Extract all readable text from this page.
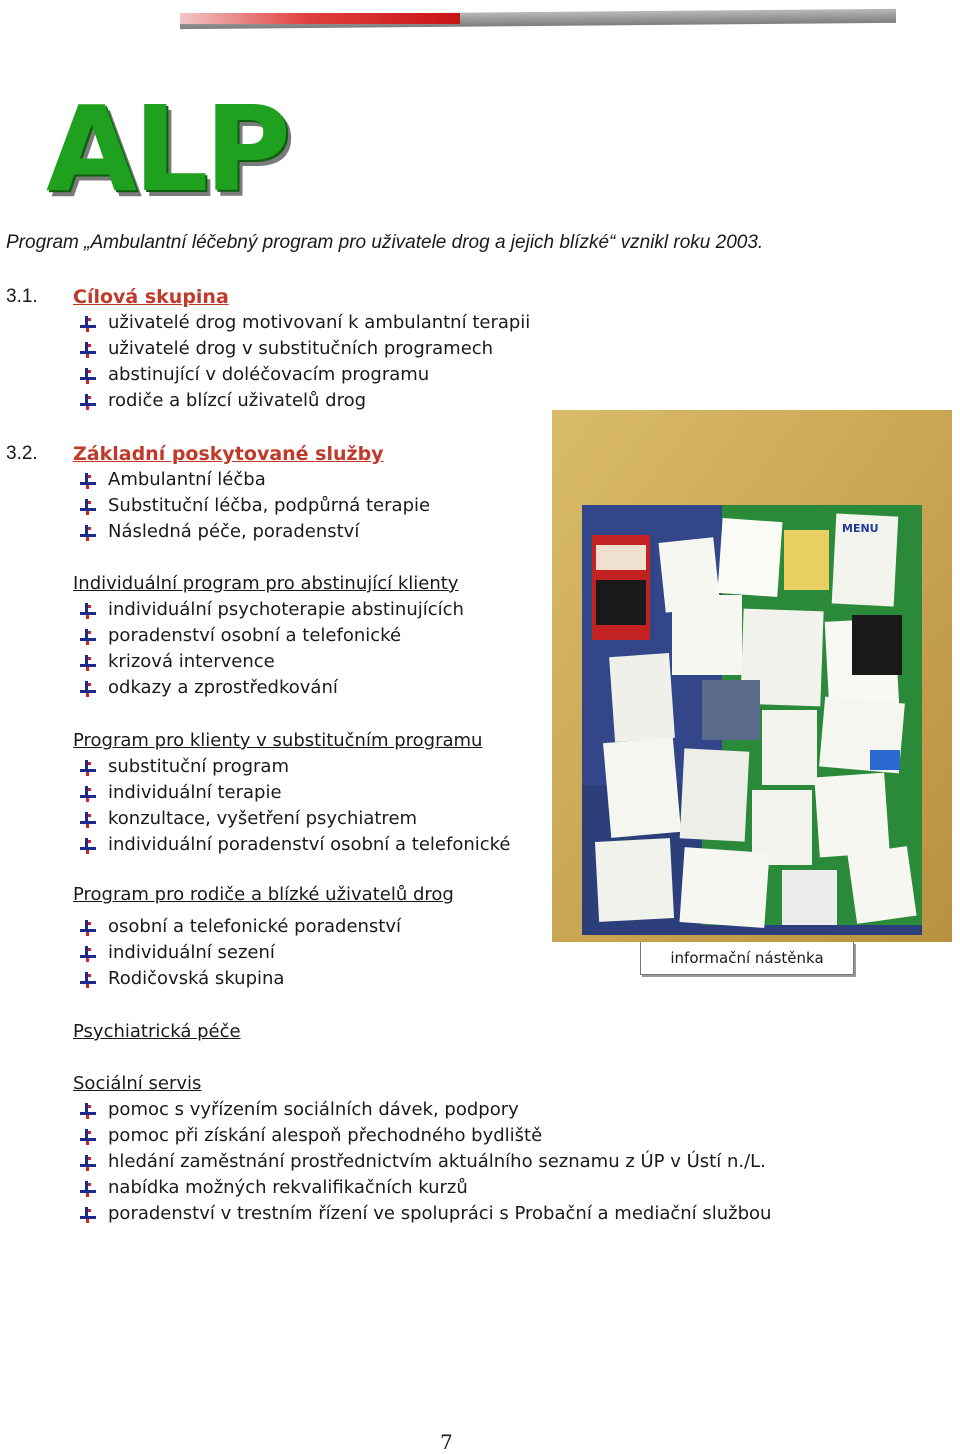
ALP
Program „Ambulantní léčebný program pro uživatele drog a jejich blízké“ vznikl roku 2003.
3.1. Cílová skupina
uživatelé drog motivovaní k ambulantní terapii
uživatelé drog v substitučních programech
abstinující v doléčovacím programu
rodiče a blízcí uživatelů drog
3.2. Základní poskytované služby
Ambulantní léčba
Substituční léčba, podpůrná terapie
Následná péče, poradenství
Individuální program pro abstinující klienty
individuální psychoterapie abstinujících
poradenství osobní a telefonické
krizová intervence
odkazy a zprostředkování
Program pro klienty v substitučním programu
substituční program
individuální terapie
konzultace, vyšetření psychiatrem
individuální poradenství osobní a telefonické
Program pro rodiče a blízké uživatelů drog
osobní a telefonické poradenství
individuální sezení
Rodičovská skupina
Psychiatrická péče
Sociální servis
pomoc s vyřízením sociálních dávek, podpory
pomoc při získání alespoň přechodného bydliště
hledání zaměstnání prostřednictvím aktuálního seznamu z ÚP v Ústí n./L.
nabídka možných rekvalifikačních kurzů
poradenství v trestním řízení ve spolupráci s Probační a mediační službou
MENU
informační nástěnka
7
